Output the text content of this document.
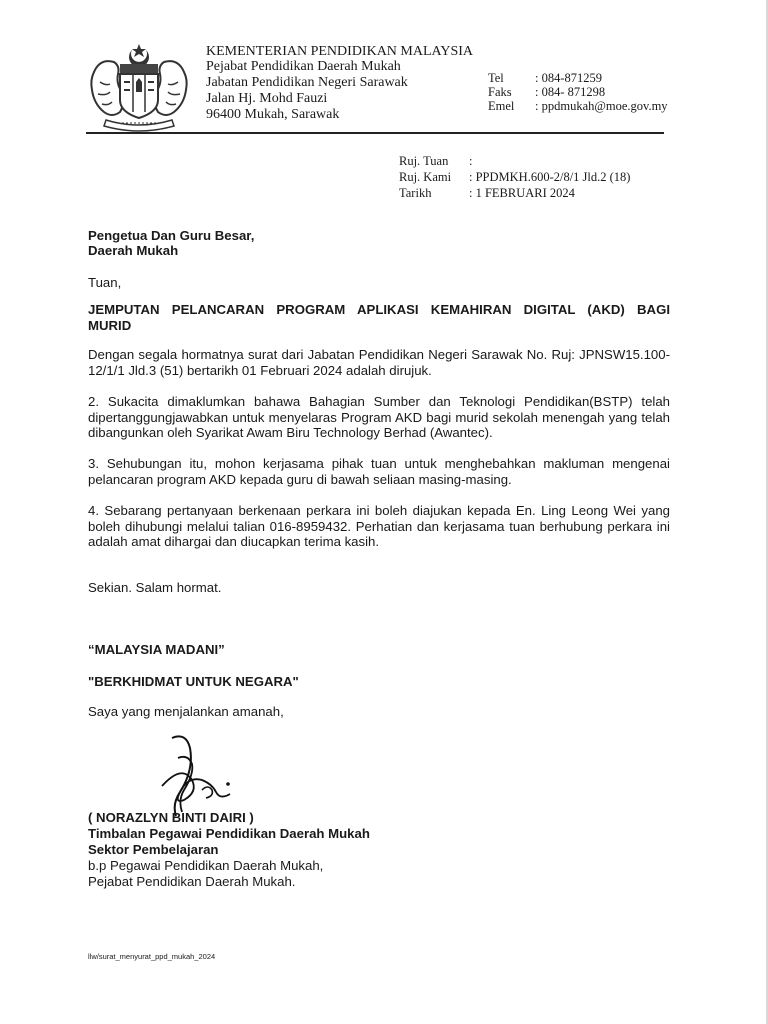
KEMENTERIAN PENDIDIKAN MALAYSIA
Pejabat Pendidikan Daerah Mukah
Jabatan Pendidikan Negeri Sarawak
Jalan Hj. Mohd Fauzi
96400 Mukah, Sarawak
Tel : 084-871259
Faks : 084- 871298
Emel : ppdmukah@moe.gov.my
Ruj. Tuan :
Ruj. Kami : PPDMKH.600-2/8/1 Jld.2 (18)
Tarikh	: 1 FEBRUARI 2024
Pengetua Dan Guru Besar,
Daerah Mukah
Tuan,
JEMPUTAN PELANCARAN PROGRAM APLIKASI KEMAHIRAN DIGITAL (AKD) BAGI
MURID
Dengan segala hormatnya surat dari Jabatan Pendidikan Negeri Sarawak No. Ruj: JPNSW15.100-12/1/1 Jld.3 (51) bertarikh 01 Februari 2024 adalah dirujuk.
2. Sukacita dimaklumkan bahawa Bahagian Sumber dan Teknologi Pendidikan(BSTP) telah dipertanggungjawabkan untuk menyelaras Program AKD bagi murid sekolah menengah yang telah dibangunkan oleh Syarikat Awam Biru Technology Berhad (Awantec).
3. Sehubungan itu, mohon kerjasama pihak tuan untuk menghebahkan makluman mengenai pelancaran program AKD kepada guru di bawah seliaan masing-masing.
4. Sebarang pertanyaan berkenaan perkara ini boleh diajukan kepada En. Ling Leong Wei yang boleh dihubungi melalui talian 016-8959432. Perhatian dan kerjasama tuan berhubung perkara ini adalah amat dihargai dan diucapkan terima kasih.
Sekian. Salam hormat.
“MALAYSIA MADANI”
"BERKHIDMAT UNTUK NEGARA"
Saya yang menjalankan amanah,
( NORAZLYN BINTI DAIRI )
Timbalan Pegawai Pendidikan Daerah Mukah
Sektor Pembelajaran
b.p Pegawai Pendidikan Daerah Mukah,
Pejabat Pendidikan Daerah Mukah.
llw/surat_menyurat_ppd_mukah_2024
